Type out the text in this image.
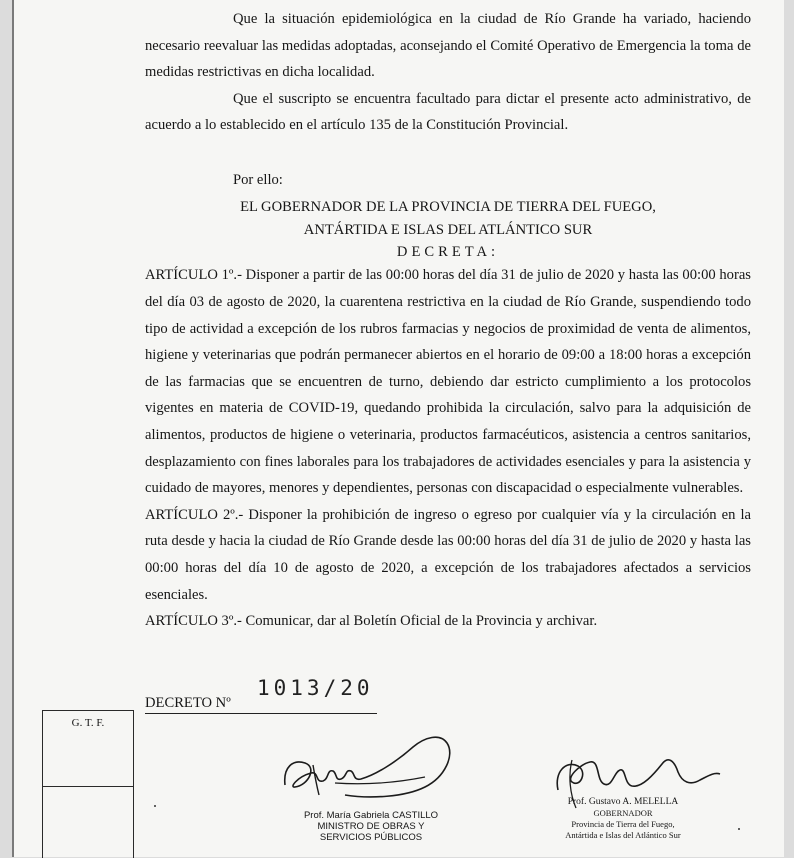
Que la situación epidemiológica en la ciudad de Río Grande ha variado, haciendo necesario reevaluar las medidas adoptadas, aconsejando el Comité Operativo de Emergencia la toma de medidas restrictivas en dicha localidad.

Que el suscripto se encuentra facultado para dictar el presente acto administrativo, de acuerdo a lo establecido en el artículo 135 de la Constitución Provincial.

Por ello:

EL GOBERNADOR DE LA PROVINCIA DE TIERRA DEL FUEGO,

ANTÁRTIDA E ISLAS DEL ATLÁNTICO SUR

DECRETA:

ARTÍCULO 1º.- Disponer a partir de las 00:00 horas del día 31 de julio de 2020 y hasta las 00:00 horas del día 03 de agosto de 2020, la cuarentena restrictiva en la ciudad de Río Grande, suspendiendo todo tipo de actividad a excepción de los rubros farmacias y negocios de proximidad de venta de alimentos, higiene y veterinarias que podrán permanecer abiertos en el horario de 09:00 a 18:00 horas a excepción de las farmacias que se encuentren de turno, debiendo dar estricto cumplimiento a los protocolos vigentes en materia de COVID-19, quedando prohibida la circulación, salvo para la adquisición de alimentos, productos de higiene o veterinaria, productos farmacéuticos, asistencia a centros sanitarios, desplazamiento con fines laborales para los trabajadores de actividades esenciales y para la asistencia y cuidado de mayores, menores y dependientes, personas con discapacidad o especialmente vulnerables.

ARTÍCULO 2º.- Disponer la prohibición de ingreso o egreso por cualquier vía y la circulación en la ruta desde y hacia la ciudad de Río Grande desde las 00:00 horas del día 31 de julio de 2020 y hasta las 00:00 horas del día 10 de agosto de 2020, a excepción de los trabajadores afectados a servicios esenciales.

ARTÍCULO 3º.- Comunicar, dar al Boletín Oficial de la Provincia y archivar.

DECRETO Nº
1013/20
G. T. F.
Prof. María Gabriela CASTILLO
MINISTRO DE OBRAS Y
SERVICIOS PÚBLICOS
Prof. Gustavo A. MELELLA
GOBERNADOR
Provincia de Tierra del Fuego,
Antártida e Islas del Atlántico Sur
